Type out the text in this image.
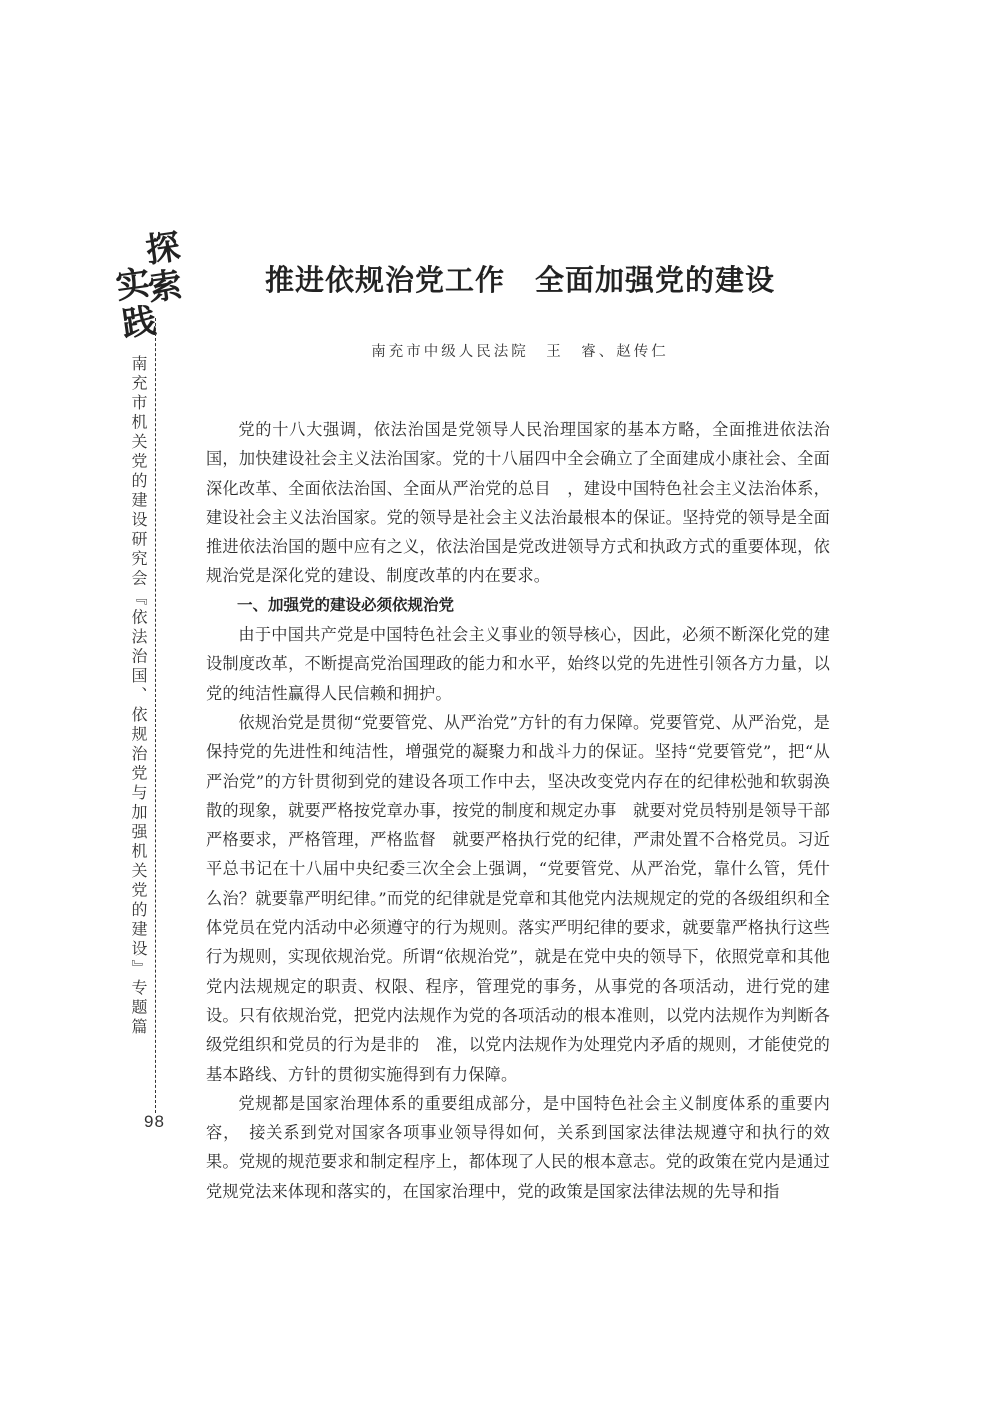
探
实
索
践
南充市机关党的建设研究会『依法治国、依规治党与加强机关党的建设』专题篇
98
推进依规治党工作　全面加强党的建设
南充市中级人民法院　王　睿、赵传仁

党的十八大强调，依法治国是党领导人民治理国家的基本方略，全面推进依法治国，加快建设社会主义法治国家。党的十八届四中全会确立了全面建成小康社会、全面深化改革、全面依法治国、全面从严治党的总目　，建设中国特色社会主义法治体系，建设社会主义法治国家。党的领导是社会主义法治最根本的保证。坚持党的领导是全面推进依法治国的题中应有之义，依法治国是党改进领导方式和执政方式的重要体现，依规治党是深化党的建设、制度改革的内在要求。

一、加强党的建设必须依规治党

由于中国共产党是中国特色社会主义事业的领导核心，因此，必须不断深化党的建设制度改革，不断提高党治国理政的能力和水平，始终以党的先进性引领各方力量，以党的纯洁性赢得人民信赖和拥护。

依规治党是贯彻“党要管党、从严治党”方针的有力保障。党要管党、从严治党，是保持党的先进性和纯洁性，增强党的凝聚力和战斗力的保证。坚持“党要管党”，把“从严治党”的方针贯彻到党的建设各项工作中去，坚决改变党内存在的纪律松弛和软弱涣散的现象，就要严格按党章办事，按党的制度和规定办事　就要对党员特别是领导干部严格要求，严格管理，严格监督　就要严格执行党的纪律，严肃处置不合格党员。习近平总书记在十八届中央纪委三次全会上强调，“党要管党、从严治党，靠什么管，凭什么治？就要靠严明纪律。”而党的纪律就是党章和其他党内法规规定的党的各级组织和全体党员在党内活动中必须遵守的行为规则。落实严明纪律的要求，就要靠严格执行这些行为规则，实现依规治党。所谓“依规治党”，就是在党中央的领导下，依照党章和其他党内法规规定的职责、权限、程序，管理党的事务，从事党的各项活动，进行党的建设。只有依规治党，把党内法规作为党的各项活动的根本准则，以党内法规作为判断各级党组织和党员的行为是非的　准，以党内法规作为处理党内矛盾的规则，才能使党的基本路线、方针的贯彻实施得到有力保障。

党规都是国家治理体系的重要组成部分，是中国特色社会主义制度体系的重要内容，　接关系到党对国家各项事业领导得如何，关系到国家法律法规遵守和执行的效果。党规的规范要求和制定程序上，都体现了人民的根本意志。党的政策在党内是通过党规党法来体现和落实的，在国家治理中，党的政策是国家法律法规的先导和指
